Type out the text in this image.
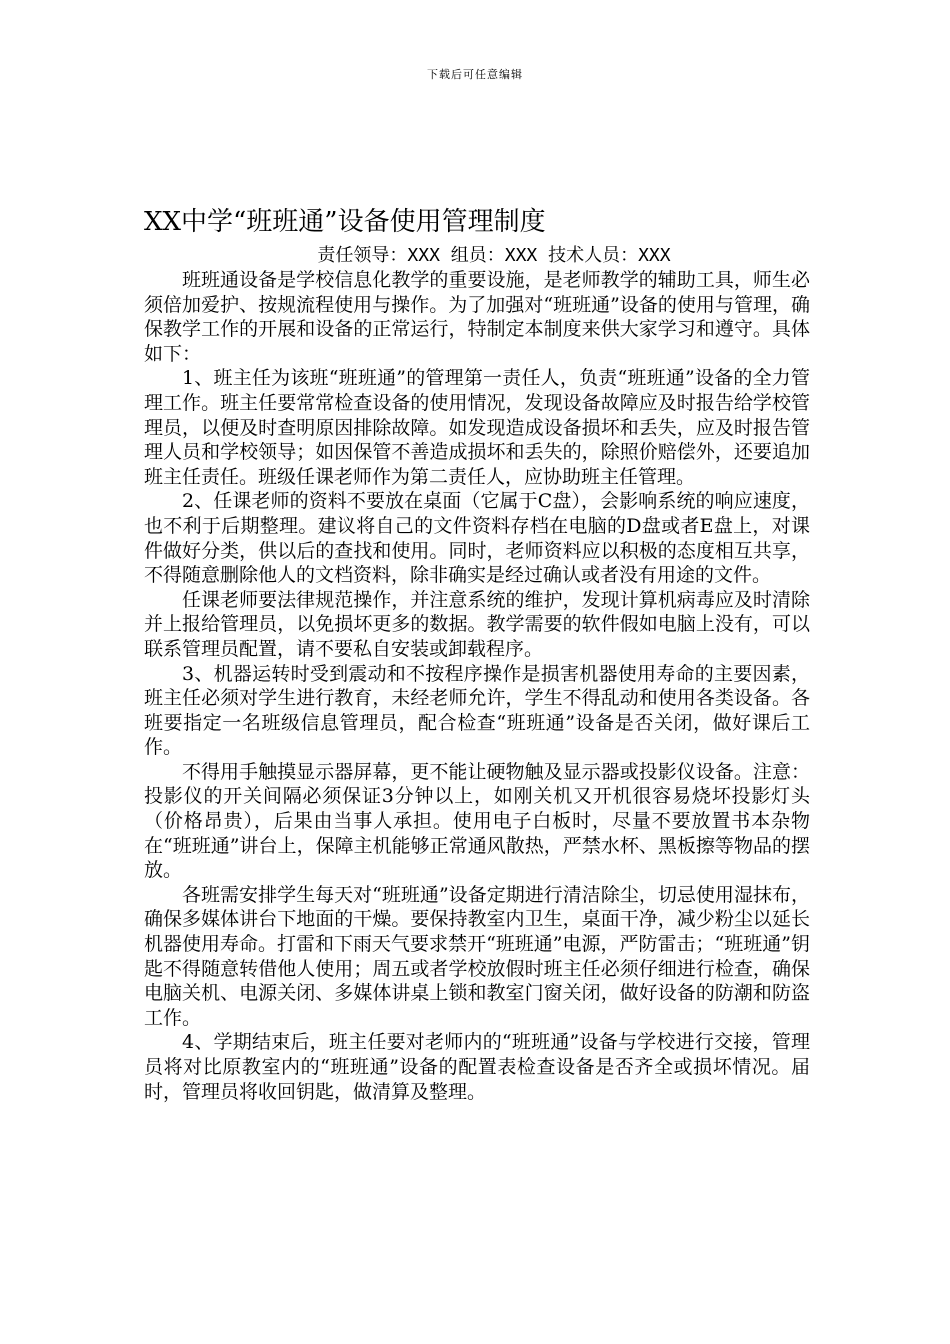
下载后可任意编辑
XX中学“班班通”设备使用管理制度

责任领导：XXX 组员：XXX 技术人员：XXX

班班通设备是学校信息化教学的重要设施，是老师教学的辅助工具，师生必须倍加爱护、按规流程使用与操作。为了加强对“班班通”设备的使用与管理，确保教学工作的开展和设备的正常运行，特制定本制度来供大家学习和遵守。具体如下：

1、班主任为该班“班班通”的管理第一责任人，负责“班班通”设备的全力管理工作。班主任要常常检查设备的使用情况，发现设备故障应及时报告给学校管理员，以便及时查明原因排除故障。如发现造成设备损坏和丢失，应及时报告管理人员和学校领导；如因保管不善造成损坏和丢失的，除照价赔偿外，还要追加班主任责任。班级任课老师作为第二责任人，应协助班主任管理。

2、任课老师的资料不要放在桌面（它属于C盘），会影响系统的响应速度，也不利于后期整理。建议将自己的文件资料存档在电脑的D盘或者E盘上，对课件做好分类，供以后的查找和使用。同时，老师资料应以积极的态度相互共享，不得随意删除他人的文档资料，除非确实是经过确认或者没有用途的文件。

任课老师要法律规范操作，并注意系统的维护，发现计算机病毒应及时清除并上报给管理员，以免损坏更多的数据。教学需要的软件假如电脑上没有，可以联系管理员配置，请不要私自安装或卸载程序。

3、机器运转时受到震动和不按程序操作是损害机器使用寿命的主要因素，班主任必须对学生进行教育，未经老师允许，学生不得乱动和使用各类设备。各班要指定一名班级信息管理员，配合检查“班班通”设备是否关闭，做好课后工作。

不得用手触摸显示器屏幕，更不能让硬物触及显示器或投影仪设备。注意：投影仪的开关间隔必须保证3分钟以上，如刚关机又开机很容易烧坏投影灯头（价格昂贵），后果由当事人承担。使用电子白板时，尽量不要放置书本杂物在“班班通”讲台上，保障主机能够正常通风散热，严禁水杯、黑板擦等物品的摆放。

各班需安排学生每天对“班班通”设备定期进行清洁除尘，切忌使用湿抹布，确保多媒体讲台下地面的干燥。要保持教室内卫生，桌面干净，减少粉尘以延长机器使用寿命。打雷和下雨天气要求禁开“班班通”电源，严防雷击；“班班通”钥匙不得随意转借他人使用；周五或者学校放假时班主任必须仔细进行检查，确保电脑关机、电源关闭、多媒体讲桌上锁和教室门窗关闭，做好设备的防潮和防盗工作。

4、学期结束后，班主任要对老师内的“班班通”设备与学校进行交接，管理员将对比原教室内的“班班通”设备的配置表检查设备是否齐全或损坏情况。届时，管理员将收回钥匙，做清算及整理。
